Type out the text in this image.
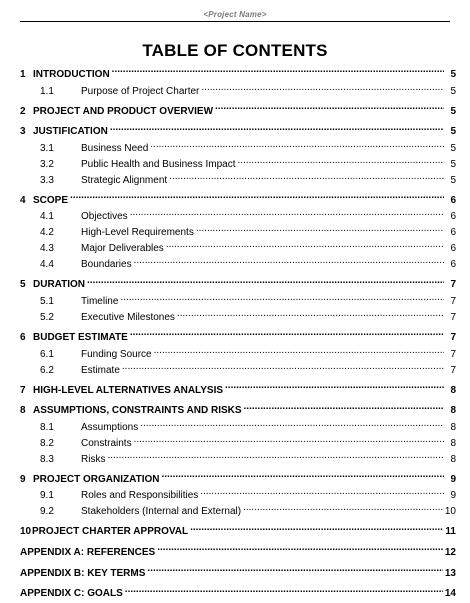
<Project Name>
TABLE OF CONTENTS
1 INTRODUCTION .....	5
1.1	Purpose of Project Charter .....	5
2 PROJECT AND PRODUCT OVERVIEW .....	5
3 JUSTIFICATION .....	5
3.1	Business Need .....	5
3.2	Public Health and Business Impact .....	5
3.3	Strategic Alignment .....	5
4 SCOPE .....	6
4.1	Objectives .....	6
4.2	High-Level Requirements .....	6
4.3	Major Deliverables .....	6
4.4	Boundaries .....	6
5 DURATION .....	7
5.1	Timeline .....	7
5.2	Executive Milestones .....	7
6 BUDGET ESTIMATE .....	7
6.1	Funding Source .....	7
6.2	Estimate .....	7
7 HIGH-LEVEL ALTERNATIVES ANALYSIS .....	8
8 ASSUMPTIONS, CONSTRAINTS AND RISKS .....	8
8.1	Assumptions .....	8
8.2	Constraints .....	8
8.3	Risks .....	8
9 PROJECT ORGANIZATION .....	9
9.1	Roles and Responsibilities .....	9
9.2	Stakeholders (Internal and External) .....	10
10 PROJECT CHARTER APPROVAL .....	11
APPENDIX A: REFERENCES .....	12
APPENDIX B: KEY TERMS .....	13
APPENDIX C: GOALS .....	14
